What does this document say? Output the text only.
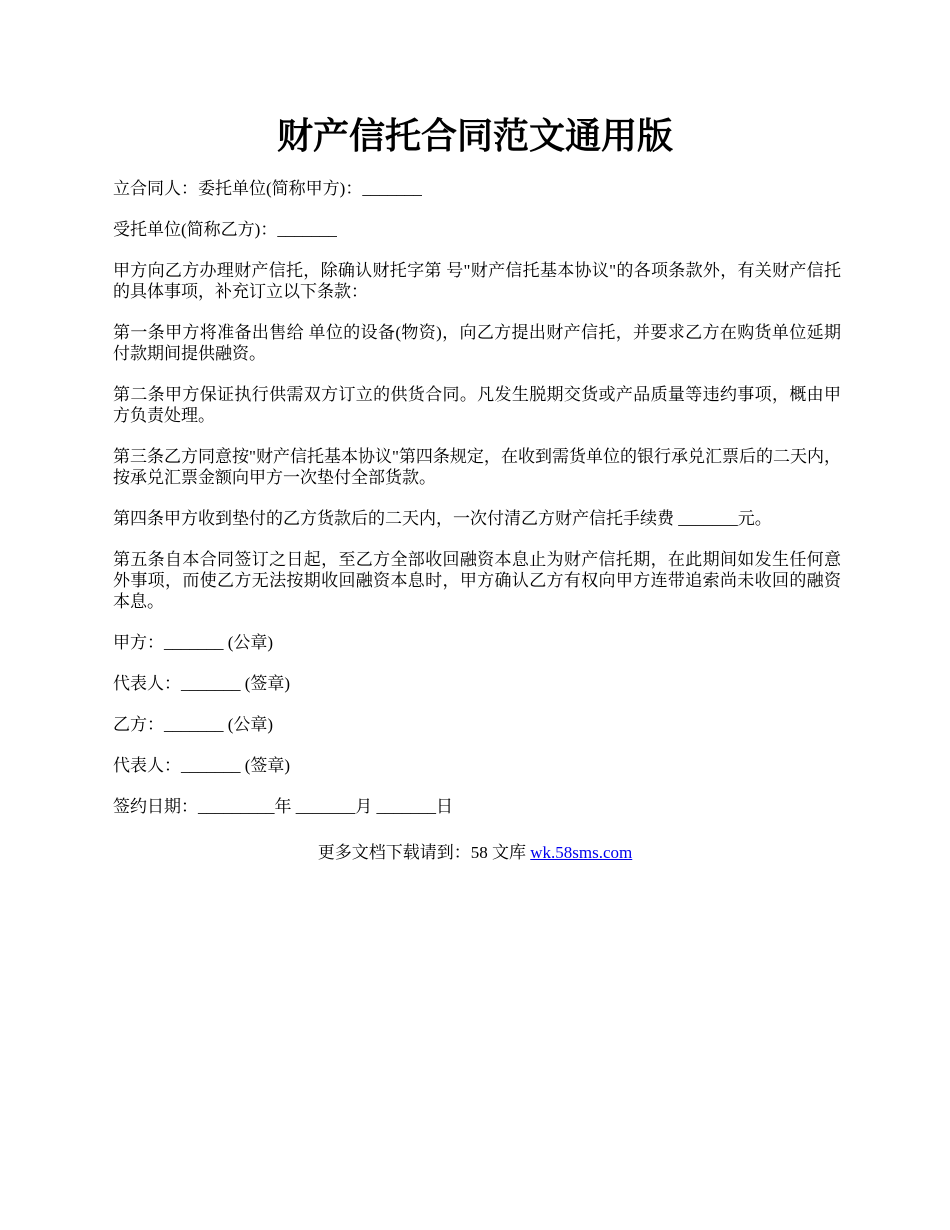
财产信托合同范文通用版

立合同人：委托单位(简称甲方)：_______

受托单位(简称乙方)：_______

甲方向乙方办理财产信托，除确认财托字第 号"财产信托基本协议"的各项条款外，有关财产信托的具体事项，补充订立以下条款：

第一条甲方将准备出售给 单位的设备(物资)，向乙方提出财产信托，并要求乙方在购货单位延期付款期间提供融资。

第二条甲方保证执行供需双方订立的供货合同。凡发生脱期交货或产品质量等违约事项，概由甲方负责处理。

第三条乙方同意按"财产信托基本协议"第四条规定，在收到需货单位的银行承兑汇票后的二天内，按承兑汇票金额向甲方一次垫付全部货款。

第四条甲方收到垫付的乙方货款后的二天内，一次付清乙方财产信托手续费 _______元。

第五条自本合同签订之日起，至乙方全部收回融资本息止为财产信托期，在此期间如发生任何意外事项，而使乙方无法按期收回融资本息时，甲方确认乙方有权向甲方连带追索尚未收回的融资本息。

甲方：_______ (公章)

代表人：_______ (签章)

乙方：_______ (公章)

代表人：_______ (签章)

签约日期：_________年 _______月 _______日

更多文档下载请到：58 文库 wk.58sms.com
